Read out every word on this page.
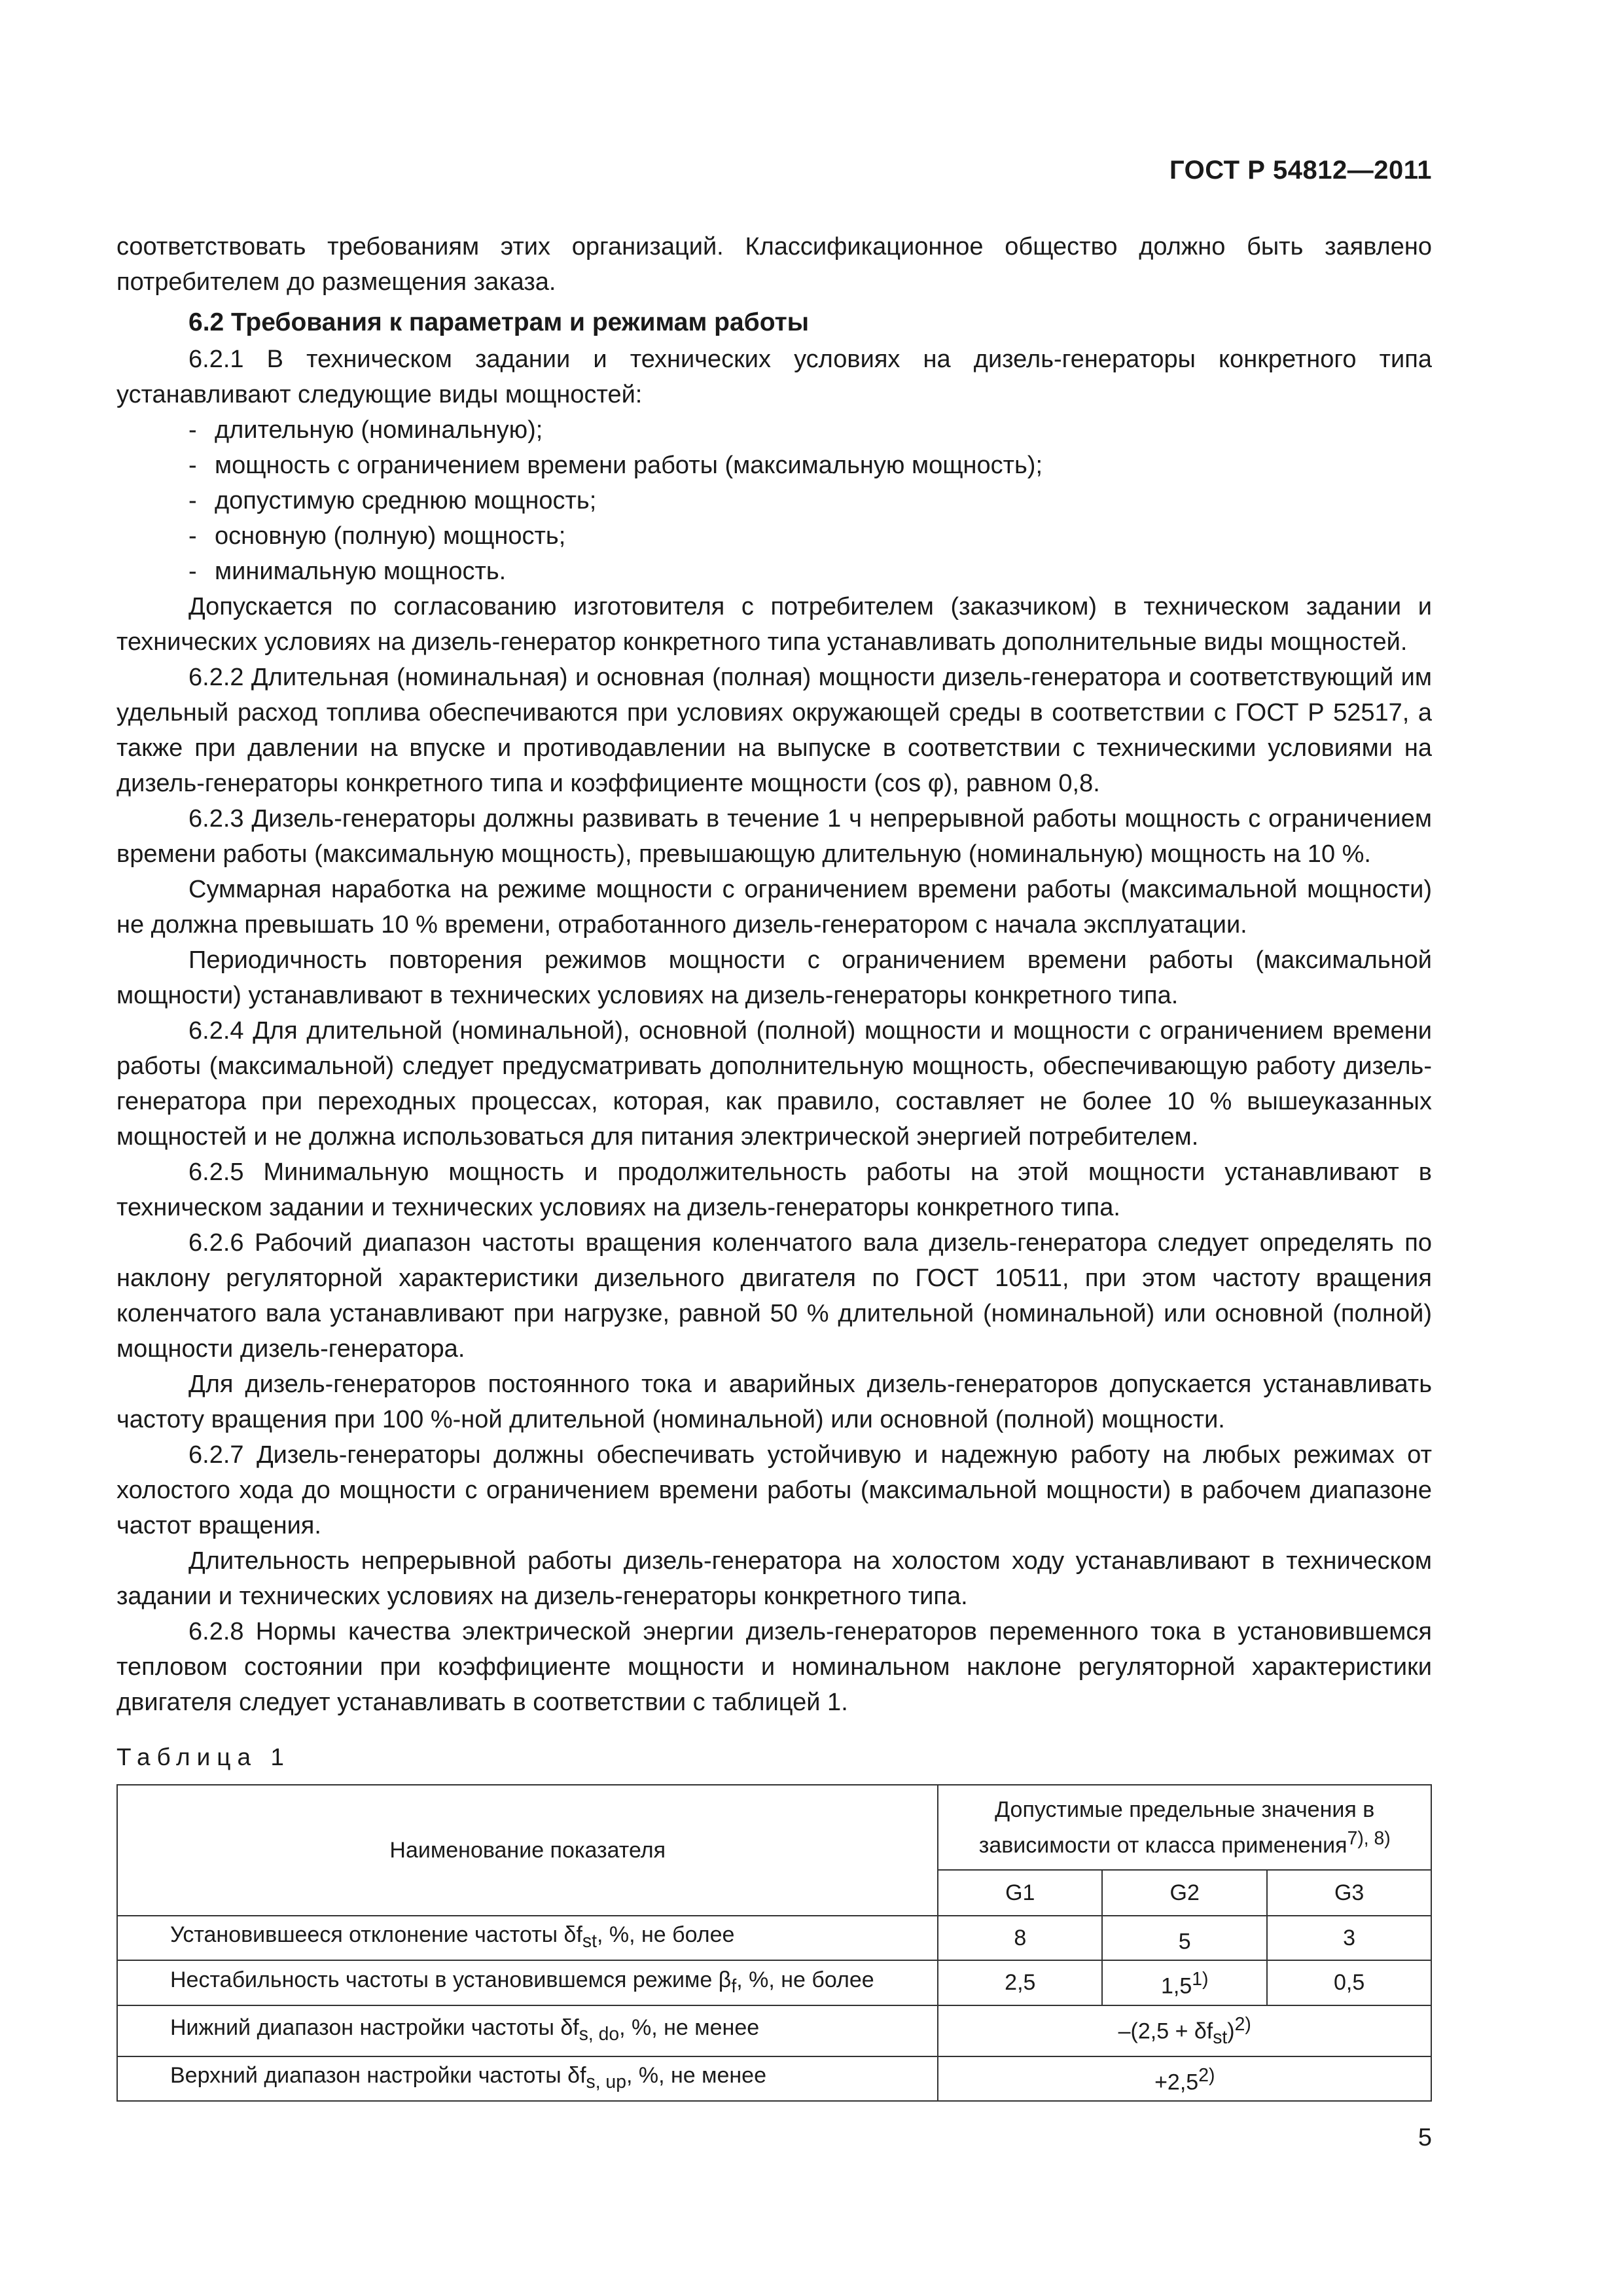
ГОСТ Р 54812—2011

соответствовать требованиям этих организаций. Классификационное общество должно быть заявлено потребителем до размещения заказа.

6.2 Требования к параметрам и режимам работы

6.2.1 В техническом задании и технических условиях на дизель-генераторы конкретного типа устанавливают следующие виды мощностей:

- длительную (номинальную);

- мощность с ограничением времени работы (максимальную мощность);

- допустимую среднюю мощность;

- основную (полную) мощность;

- минимальную мощность.

Допускается по согласованию изготовителя с потребителем (заказчиком) в техническом задании и технических условиях на дизель-генератор конкретного типа устанавливать дополнительные виды мощностей.

6.2.2 Длительная (номинальная) и основная (полная) мощности дизель-генератора и соответствующий им удельный расход топлива обеспечиваются при условиях окружающей среды в соответствии с ГОСТ Р 52517, а также при давлении на впуске и противодавлении на выпуске в соответствии с техническими условиями на дизель-генераторы конкретного типа и коэффициенте мощности (cos φ), равном 0,8.

6.2.3 Дизель-генераторы должны развивать в течение 1 ч непрерывной работы мощность с ограничением времени работы (максимальную мощность), превышающую длительную (номинальную) мощность на 10 %.

Суммарная наработка на режиме мощности с ограничением времени работы (максимальной мощности) не должна превышать 10 % времени, отработанного дизель-генератором с начала эксплуатации.

Периодичность повторения режимов мощности с ограничением времени работы (максимальной мощности) устанавливают в технических условиях на дизель-генераторы конкретного типа.

6.2.4 Для длительной (номинальной), основной (полной) мощности и мощности с ограничением времени работы (максимальной) следует предусматривать дополнительную мощность, обеспечивающую работу дизель-генератора при переходных процессах, которая, как правило, составляет не более 10 % вышеуказанных мощностей и не должна использоваться для питания электрической энергией потребителем.

6.2.5 Минимальную мощность и продолжительность работы на этой мощности устанавливают в техническом задании и технических условиях на дизель-генераторы конкретного типа.

6.2.6 Рабочий диапазон частоты вращения коленчатого вала дизель-генератора следует определять по наклону регуляторной характеристики дизельного двигателя по ГОСТ 10511, при этом частоту вращения коленчатого вала устанавливают при нагрузке, равной 50 % длительной (номинальной) или основной (полной) мощности дизель-генератора.

Для дизель-генераторов постоянного тока и аварийных дизель-генераторов допускается устанавливать частоту вращения при 100 %-ной длительной (номинальной) или основной (полной) мощности.

6.2.7 Дизель-генераторы должны обеспечивать устойчивую и надежную работу на любых режимах от холостого хода до мощности с ограничением времени работы (максимальной мощности) в рабочем диапазоне частот вращения.

Длительность непрерывной работы дизель-генератора на холостом ходу устанавливают в техническом задании и технических условиях на дизель-генераторы конкретного типа.

6.2.8 Нормы качества электрической энергии дизель-генераторов переменного тока в установившемся тепловом состоянии при коэффициенте мощности и номинальном наклоне регуляторной характеристики двигателя следует устанавливать в соответствии с таблицей 1.

Таблица 1
Наименование показателя	Допустимые предельные значения в зависимости от класса применения$^{7), 8)}$
	G1	G2	G3
Установившееся отклонение частоты $\delta f_{st}$, %, не более	8	5	3
Нестабильность частоты в установившемся режиме $\beta_f$, %, не более	2,5	1,5$^{1)}$	0,5
Нижний диапазон настройки частоты $\delta f_{s, do}$, %, не менее	$-(2,5 + \delta f_{st})^{2)}$
Верхний диапазон настройки частоты $\delta f_{s, up}$, %, не менее	$+2,5^{2)}$
5
